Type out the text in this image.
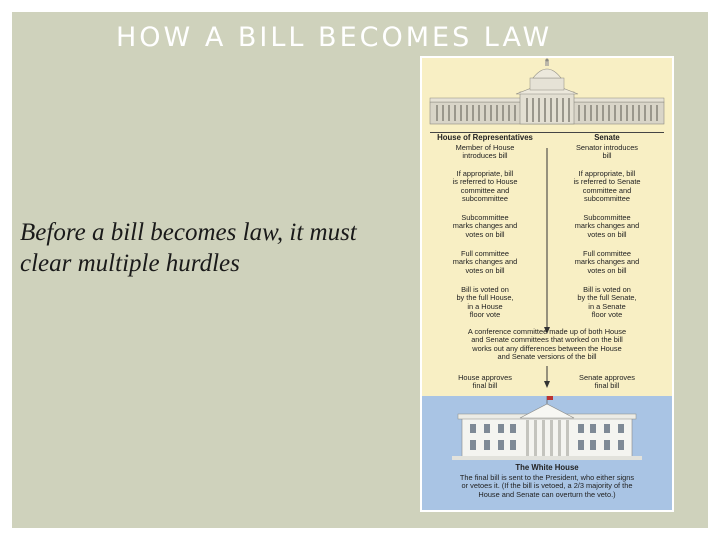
HOW A BILL BECOMES LAW
Before a bill becomes law, it must clear multiple hurdles
House of Representatives	Senate
Member of House
introduces bill
Senator introduces
bill
If appropriate, bill
is referred to House
committee and
subcommittee
If appropriate, bill
is referred to Senate
committee and
subcommittee
Subcommittee
marks changes and
votes on bill
Subcommittee
marks changes and
votes on bill
Full committee
marks changes and
votes on bill
Full committee
marks changes and
votes on bill
Bill is voted on
by the full House,
in a House
floor vote
Bill is voted on
by the full Senate,
in a Senate
floor vote
A conference committee made up of both House
and Senate committees that worked on the bill
works out any differences between the House
and Senate versions of the bill
House approves
final bill
Senate approves
final bill
The White House
The final bill is sent to the President, who either signs
or vetoes it. (If the bill is vetoed, a 2/3 majority of the
House and Senate can overturn the veto.)
